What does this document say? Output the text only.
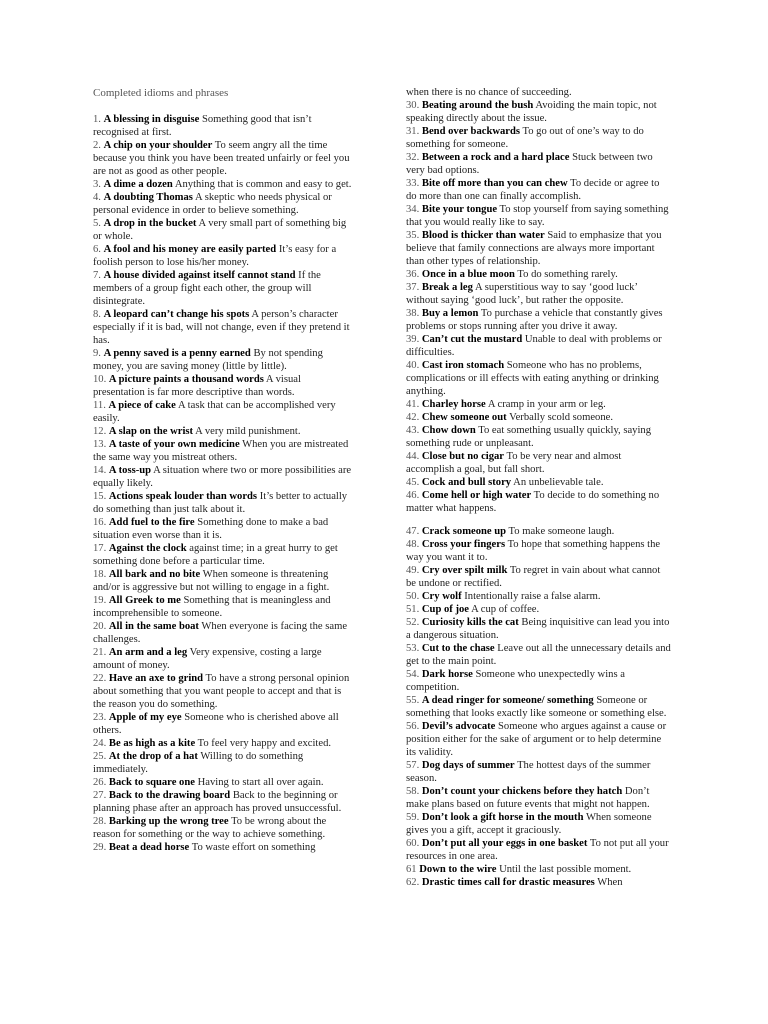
Completed idioms and phrases

1. A blessing in disguise Something good that isn’t recognised at first.

2. A chip on your shoulder To seem angry all the time because you think you have been treated unfairly or feel you are not as good as other people.

3. A dime a dozen Anything that is common and easy to get.

4. A doubting Thomas A skeptic who needs physical or personal evidence in order to believe something.

5. A drop in the bucket A very small part of something big or whole.

6. A fool and his money are easily parted It’s easy for a foolish person to lose his/her money.

7. A house divided against itself cannot stand If the members of a group fight each other, the group will disintegrate.

8. A leopard can’t change his spots A person’s character especially if it is bad, will not change, even if they pretend it has.

9. A penny saved is a penny earned By not spending money, you are saving money (little by little).

10. A picture paints a thousand words A visual presentation is far more descriptive than words.

11. A piece of cake A task that can be accomplished very easily.

12. A slap on the wrist A very mild punishment.

13. A taste of your own medicine When you are mistreated the same way you mistreat others.

14. A toss-up A situation where two or more possibilities are equally likely.

15. Actions speak louder than words It’s better to actually do something than just talk about it.

16. Add fuel to the fire Something done to make a bad situation even worse than it is.

17. Against the clock against time; in a great hurry to get something done before a particular time.

18. All bark and no bite When someone is threatening and/or is aggressive but not willing to engage in a fight.

19. All Greek to me Something that is meaningless and incomprehensible to someone.

20. All in the same boat When everyone is facing the same challenges.

21. An arm and a leg Very expensive, costing a large amount of money.

22. Have an axe to grind To have a strong personal opinion about something that you want people to accept and that is the reason you do something.

23. Apple of my eye Someone who is cherished above all others.

24. Be as high as a kite To feel very happy and excited.

25. At the drop of a hat Willing to do something immediately.

26. Back to square one Having to start all over again.

27. Back to the drawing board Back to the beginning or planning phase after an approach has proved unsuccessful.

28. Barking up the wrong tree To be wrong about the reason for something or the way to achieve something.

29. Beat a dead horse To waste effort on something

when there is no chance of succeeding.

30. Beating around the bush Avoiding the main topic, not speaking directly about the issue.

31. Bend over backwards To go out of one’s way to do something for someone.

32. Between a rock and a hard place Stuck between two very bad options.

33. Bite off more than you can chew To decide or agree to do more than one can finally accomplish.

34. Bite your tongue To stop yourself from saying something that you would really like to say.

35. Blood is thicker than water Said to emphasize that you believe that family connections are always more important than other types of relationship.

36. Once in a blue moon To do something rarely.

37. Break a leg A superstitious way to say ‘good luck’ without saying ‘good luck’, but rather the opposite.

38. Buy a lemon To purchase a vehicle that constantly gives problems or stops running after you drive it away.

39. Can’t cut the mustard Unable to deal with problems or difficulties.

40. Cast iron stomach Someone who has no problems, complications or ill effects with eating anything or drinking anything.

41. Charley horse A cramp in your arm or leg.

42. Chew someone out Verbally scold someone.

43. Chow down To eat something usually quickly, saying something rude or unpleasant.

44. Close but no cigar To be very near and almost accomplish a goal, but fall short.

45. Cock and bull story An unbelievable tale.

46. Come hell or high water To decide to do something no matter what happens.

47. Crack someone up To make someone laugh.

48. Cross your fingers To hope that something happens the way you want it to.

49. Cry over spilt milk To regret in vain about what cannot be undone or rectified.

50. Cry wolf Intentionally raise a false alarm.

51. Cup of joe A cup of coffee.

52. Curiosity kills the cat Being inquisitive can lead you into a dangerous situation.

53. Cut to the chase Leave out all the unnecessary details and get to the main point.

54. Dark horse Someone who unexpectedly wins a competition.

55. A dead ringer for someone/ something Someone or something that looks exactly like someone or something else.

56. Devil’s advocate Someone who argues against a cause or position either for the sake of argument or to help determine its validity.

57. Dog days of summer The hottest days of the summer season.

58. Don’t count your chickens before they hatch Don’t make plans based on future events that might not happen.

59. Don’t look a gift horse in the mouth When someone gives you a gift, accept it graciously.

60. Don’t put all your eggs in one basket To not put all your resources in one area.

61 Down to the wire Until the last possible moment.

62. Drastic times call for drastic measures When
